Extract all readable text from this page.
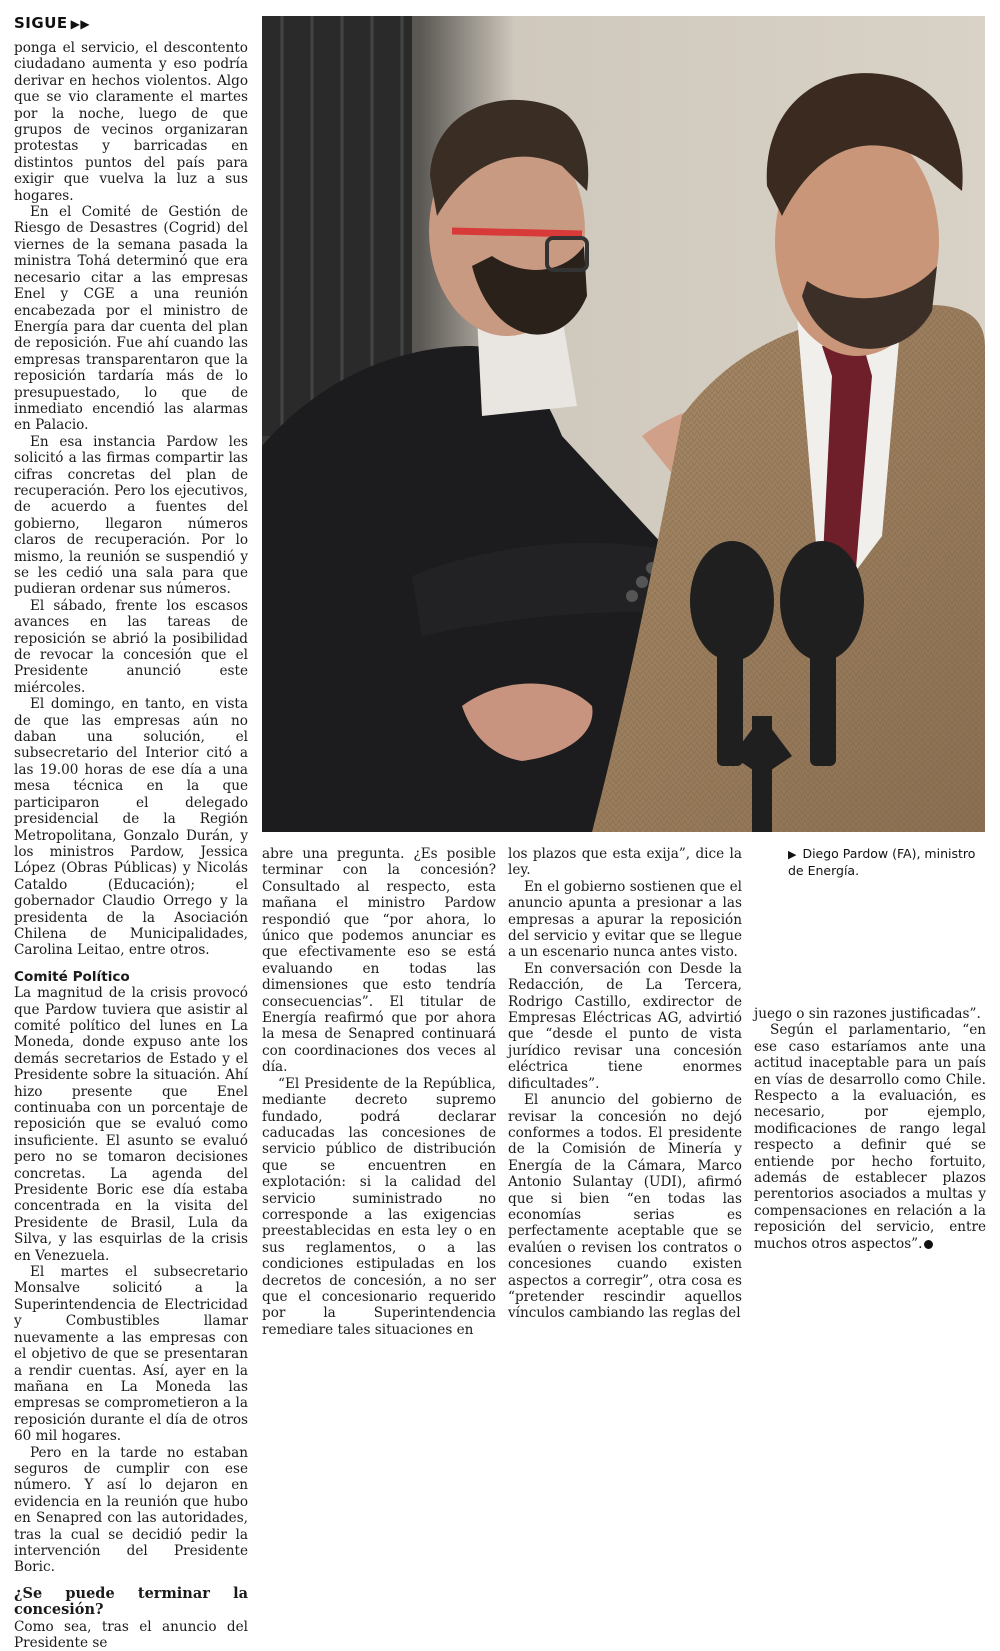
SIGUE ▶▶

ponga el servicio, el descontento ciudadano aumenta y eso podría derivar en hechos violentos. Algo que se vio claramente el martes por la noche, luego de que grupos de vecinos organizaran protestas y barricadas en distintos puntos del país para exigir que vuelva la luz a sus hogares.

En el Comité de Gestión de Riesgo de Desastres (Cogrid) del viernes de la semana pasada la ministra Tohá determinó que era necesario citar a las empresas Enel y CGE a una reunión encabezada por el ministro de Energía para dar cuenta del plan de reposición. Fue ahí cuando las empresas transparentaron que la reposición tardaría más de lo presupuestado, lo que de inmediato encendió las alarmas en Palacio.

En esa instancia Pardow les solicitó a las firmas compartir las cifras concretas del plan de recuperación. Pero los ejecutivos, de acuerdo a fuentes del gobierno, llegaron números claros de recuperación. Por lo mismo, la reunión se suspendió y se les cedió una sala para que pudieran ordenar sus números.

El sábado, frente los escasos avances en las tareas de reposición se abrió la posibilidad de revocar la concesión que el Presidente anunció este miércoles.

El domingo, en tanto, en vista de que las empresas aún no daban una solución, el subsecretario del Interior citó a las 19.00 horas de ese día a una mesa técnica en la que participaron el delegado presidencial de la Región Metropolitana, Gonzalo Durán, y los ministros Pardow, Jessica López (Obras Públicas) y Nicolás Cataldo (Educación); el gobernador Claudio Orrego y la presidenta de la Asociación Chilena de Municipalidades, Carolina Leitao, entre otros.

Comité Político

La magnitud de la crisis provocó que Pardow tuviera que asistir al comité político del lunes en La Moneda, donde expuso ante los demás secretarios de Estado y el Presidente sobre la situación. Ahí hizo presente que Enel continuaba con un porcentaje de reposición que se evaluó como insuficiente. El asunto se evaluó pero no se tomaron decisiones concretas. La agenda del Presidente Boric ese día estaba concentrada en la visita del Presidente de Brasil, Lula da Silva, y las esquirlas de la crisis en Venezuela.

El martes el subsecretario Monsalve solicitó a la Superintendencia de Electricidad y Combustibles llamar nuevamente a las empresas con el objetivo de que se presentaran a rendir cuentas. Así, ayer en la mañana en La Moneda las empresas se comprometieron a la reposición durante el día de otros 60 mil hogares.

Pero en la tarde no estaban seguros de cumplir con ese número. Y así lo dejaron en evidencia en la reunión que hubo en Senapred con las autoridades, tras la cual se decidió pedir la intervención del Presidente Boric.

¿Se puede terminar la concesión?

Como sea, tras el anuncio del Presidente se

▶ Diego Pardow (FA), ministro de Energía.

abre una pregunta. ¿Es posible terminar con la concesión? Consultado al respecto, esta mañana el ministro Pardow respondió que “por ahora, lo único que podemos anunciar es que efectivamente eso se está evaluando en todas las dimensiones que esto tendría consecuencias”. El titular de Energía reafirmó que por ahora la mesa de Senapred continuará con coordinaciones dos veces al día.

“El Presidente de la República, mediante decreto supremo fundado, podrá declarar caducadas las concesiones de servicio público de distribución que se encuentren en explotación: si la calidad del servicio suministrado no corresponde a las exigencias preestablecidas en esta ley o en sus reglamentos, o a las condiciones estipuladas en los decretos de concesión, a no ser que el concesionario requerido por la Superintendencia remediare tales situaciones en

los plazos que esta exija”, dice la ley.

En el gobierno sostienen que el anuncio apunta a presionar a las empresas a apurar la reposición del servicio y evitar que se llegue a un escenario nunca antes visto.

En conversación con Desde la Redacción, de La Tercera, Rodrigo Castillo, exdirector de Empresas Eléctricas AG, advirtió que “desde el punto de vista jurídico revisar una concesión eléctrica tiene enormes dificultades”.

El anuncio del gobierno de revisar la concesión no dejó conformes a todos. El presidente de la Comisión de Minería y Energía de la Cámara, Marco Antonio Sulantay (UDI), afirmó que si bien “en todas las economías serias es perfectamente aceptable que se evalúen o revisen los contratos o concesiones cuando existen aspectos a corregir”, otra cosa es “pretender rescindir aquellos vínculos cambiando las reglas del

juego o sin razones justificadas”.

Según el parlamentario, “en ese caso estaríamos ante una actitud inaceptable para un país en vías de desarrollo como Chile. Respecto a la evaluación, es necesario, por ejemplo, modificaciones de rango legal respecto a definir qué se entiende por hecho fortuito, además de establecer plazos perentorios asociados a multas y compensaciones en relación a la reposición del servicio, entre muchos otros aspectos”.
